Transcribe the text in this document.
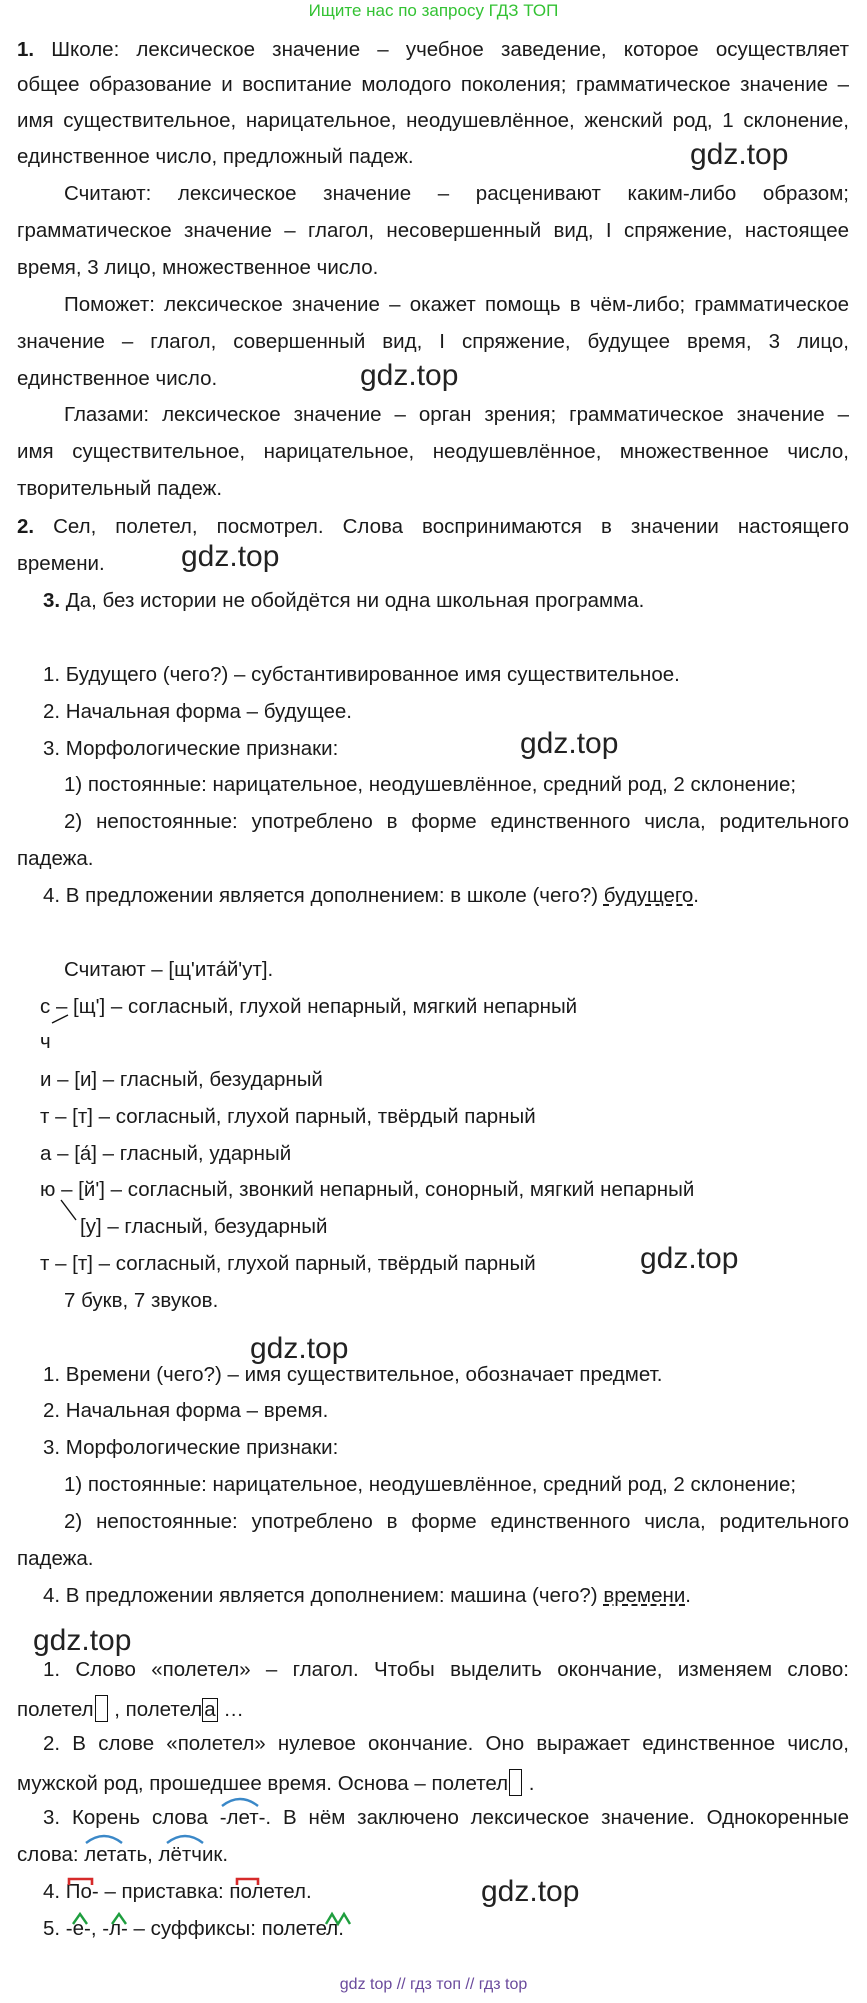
Ищите нас по запросу ГДЗ ТОП
1. Школе: лексическое значение – учебное заведение, которое осуществляет
общее образование и воспитание молодого поколения; грамматическое значение –
имя существительное, нарицательное, неодушевлённое, женский род, 1 склонение,
единственное число, предложный падеж.
Считают: лексическое значение – расценивают каким-либо образом;
грамматическое значение – глагол, несовершенный вид, I спряжение, настоящее
время, 3 лицо, множественное число.
Поможет: лексическое значение – окажет помощь в чём-либо; грамматическое
значение – глагол, совершенный вид, I спряжение, будущее время, 3 лицо,
единственное число.
Глазами: лексическое значение – орган зрения; грамматическое значение –
имя существительное, нарицательное, неодушевлённое, множественное число,
творительный падеж.
2. Сел, полетел, посмотрел. Слова воспринимаются в значении настоящего
времени.
3. Да, без истории не обойдётся ни одна школьная программа.
1. Будущего (чего?) – субстантивированное имя существительное.
2. Начальная форма – будущее.
3. Морфологические признаки:
1) постоянные: нарицательное, неодушевлённое, средний род, 2 склонение;
2) непостоянные: употреблено в форме единственного числа, родительного
падежа.
4. В предложении является дополнением: в школе (чего?) будущего.
Считают – [щ'ита́й'ут].
с – [щ'] – согласный, глухой непарный, мягкий непарный
ч
и – [и] – гласный, безударный
т – [т] – согласный, глухой парный, твёрдый парный
а – [а́] – гласный, ударный
ю – [й'] – согласный, звонкий непарный, сонорный, мягкий непарный
[у] – гласный, безударный
т – [т] – согласный, глухой парный, твёрдый парный
7 букв, 7 звуков.
1. Времени (чего?) – имя существительное, обозначает предмет.
2. Начальная форма – время.
3. Морфологические признаки:
1) постоянные: нарицательное, неодушевлённое, средний род, 2 склонение;
2) непостоянные: употреблено в форме единственного числа, родительного
падежа.
4. В предложении является дополнением: машина (чего?) времени.
1. Слово «полетел» – глагол. Чтобы выделить окончание, изменяем слово:
полетел , полетела …
2. В слове «полетел» нулевое окончание. Оно выражает единственное число,
мужской род, прошедшее время. Основа – полетел .
3. Корень слова -лет-. В нём заключено лексическое значение. Однокоренные
слова: летать, лётчик.
4. По- – приставка: полетел.
5. -е-, -л- – суффиксы: полетел.
gdz.top
gdz.top
gdz.top
gdz.top
gdz.top
gdz.top
gdz.top
gdz.top
gdz top // гдз топ // гдз top
